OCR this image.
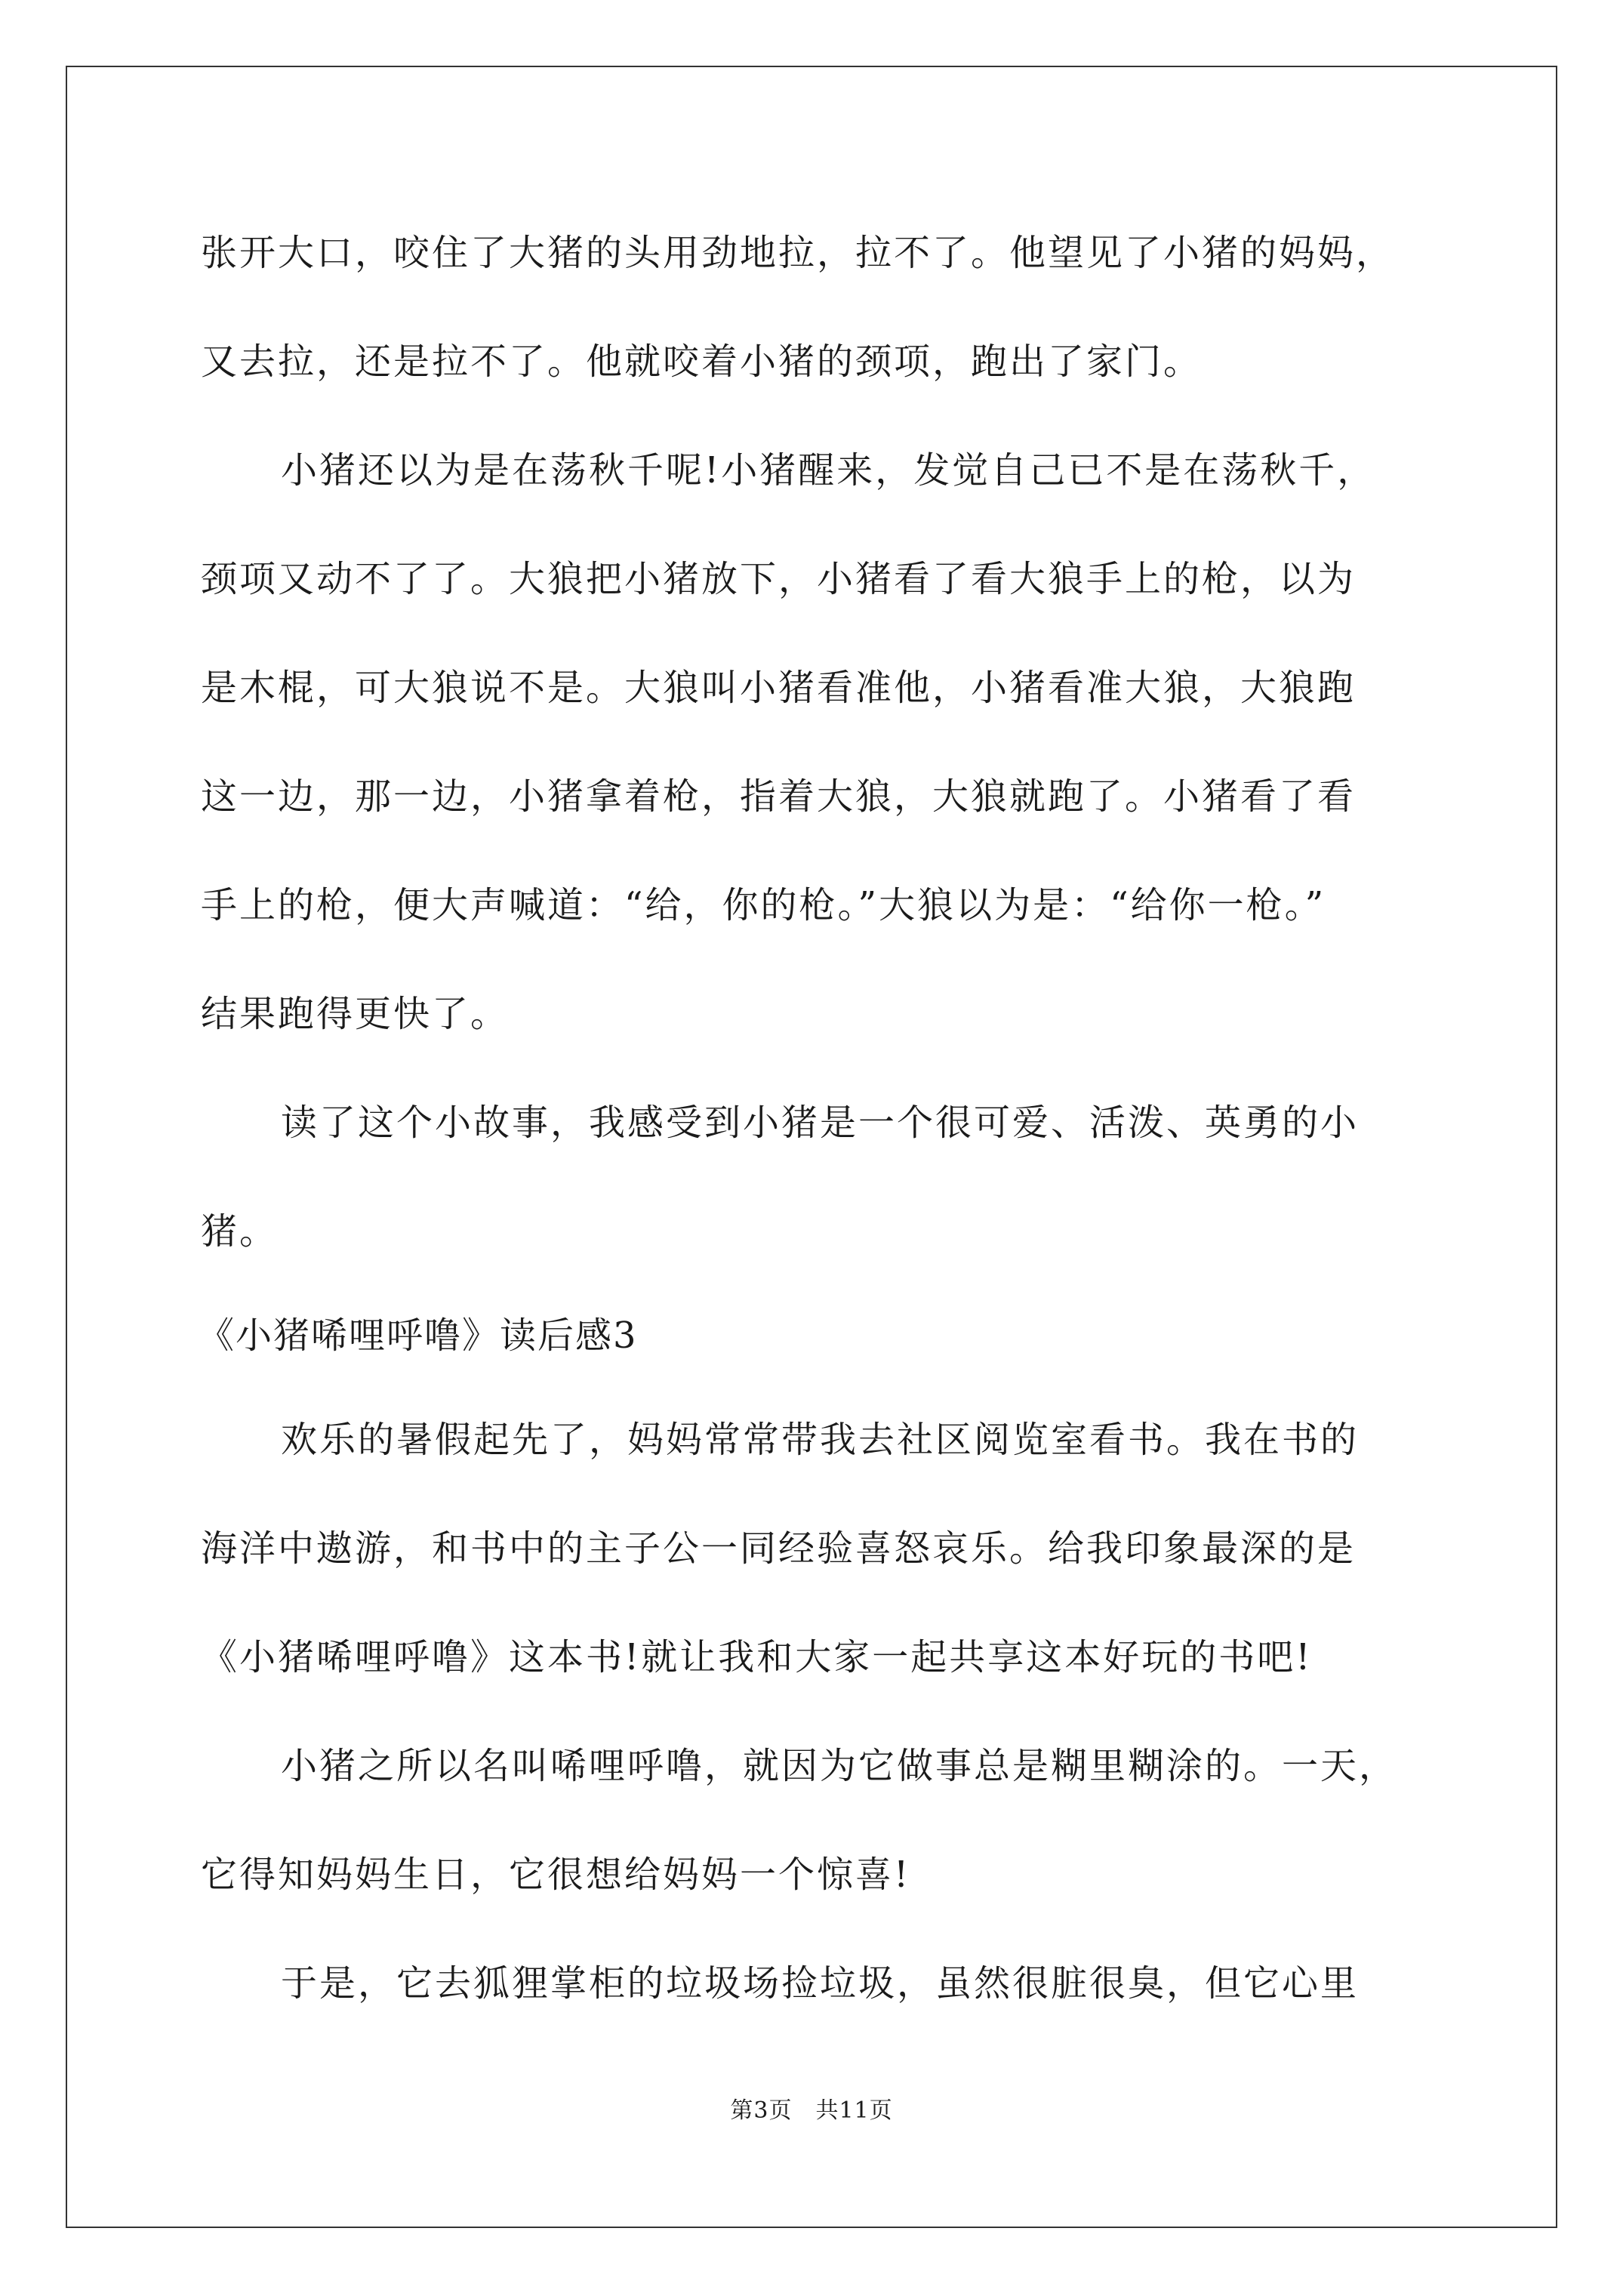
张开大口，咬住了大猪的头用劲地拉，拉不了。他望见了小猪的妈妈，
又去拉，还是拉不了。他就咬着小猪的颈项，跑出了家门。
小猪还以为是在荡秋千呢!小猪醒来，发觉自己已不是在荡秋千，
颈项又动不了了。大狼把小猪放下，小猪看了看大狼手上的枪，以为
是木棍，可大狼说不是。大狼叫小猪看准他，小猪看准大狼，大狼跑
这一边，那一边，小猪拿着枪，指着大狼，大狼就跑了。小猪看了看
手上的枪，便大声喊道：“给，你的枪。”大狼以为是：“给你一枪。”
结果跑得更快了。
读了这个小故事，我感受到小猪是一个很可爱、活泼、英勇的小
猪。
《小猪唏哩呼噜》读后感3
欢乐的暑假起先了，妈妈常常带我去社区阅览室看书。我在书的
海洋中遨游，和书中的主子公一同经验喜怒哀乐。给我印象最深的是
《小猪唏哩呼噜》这本书!就让我和大家一起共享这本好玩的书吧!
小猪之所以名叫唏哩呼噜，就因为它做事总是糊里糊涂的。一天，
它得知妈妈生日，它很想给妈妈一个惊喜!
于是，它去狐狸掌柜的垃圾场捡垃圾，虽然很脏很臭，但它心里
第3页　共11页
